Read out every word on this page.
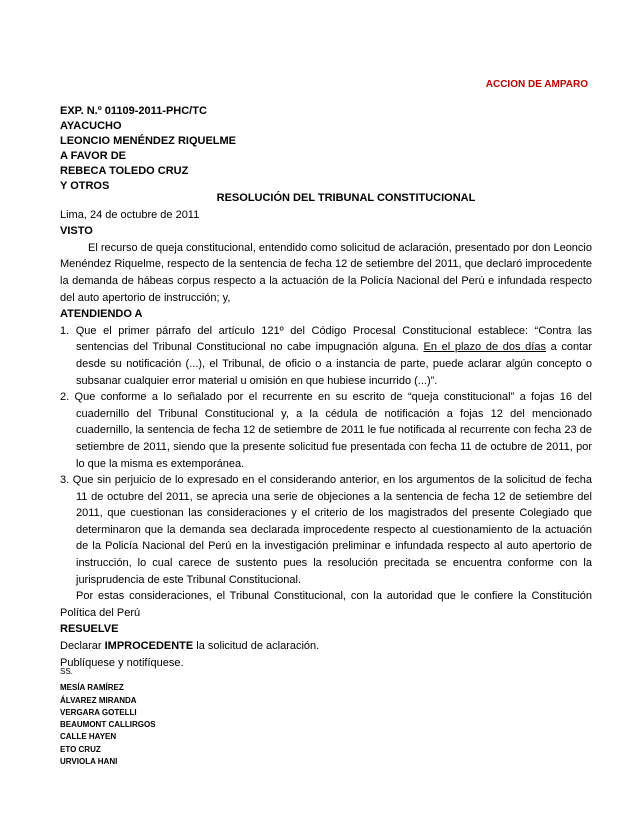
ACCION DE AMPARO
EXP. N.º 01109-2011-PHC/TC
AYACUCHO
LEONCIO MENÉNDEZ RIQUELME
A FAVOR DE
REBECA TOLEDO CRUZ
Y OTROS

RESOLUCIÓN DEL TRIBUNAL CONSTITUCIONAL

Lima, 24 de octubre de 2011

VISTO

El recurso de queja constitucional, entendido como solicitud de aclaración, presentado por don Leoncio Menéndez Riquelme, respecto de la sentencia de fecha 12 de setiembre del 2011, que declaró improcedente la demanda de hábeas corpus respecto a la actuación de la Policía Nacional del Perú e infundada respecto del auto apertorio de instrucción; y,

ATENDIENDO A

1. Que el primer párrafo del artículo 121º del Código Procesal Constitucional establece: “Contra las sentencias del Tribunal Constitucional no cabe impugnación alguna. En el plazo de dos días a contar desde su notificación (...), el Tribunal, de oficio o a instancia de parte, puede aclarar algún concepto o subsanar cualquier error material u omisión en que hubiese incurrido (...)”.

2. Que conforme a lo señalado por el recurrente en su escrito de “queja constitucional” a fojas 16 del cuadernillo del Tribunal Constitucional y, a la cédula de notificación a fojas 12 del mencionado cuadernillo, la sentencia de fecha 12 de setiembre de 2011 le fue notificada al recurrente con fecha 23 de setiembre de 2011, siendo que la presente solicitud fue presentada con fecha 11 de octubre de 2011, por lo que la misma es extemporánea.

3. Que sin perjuicio de lo expresado en el considerando anterior, en los argumentos de la solicitud de fecha 11 de octubre del 2011, se aprecia una serie de objeciones a la sentencia de fecha 12 de setiembre del 2011, que cuestionan las consideraciones y el criterio de los magistrados del presente Colegiado que determinaron que la demanda sea declarada improcedente respecto al cuestionamiento de la actuación de la Policía Nacional del Perú en la investigación preliminar e infundada respecto al auto apertorio de instrucción, lo cual carece de sustento pues la resolución precitada se encuentra conforme con la jurisprudencia de este Tribunal Constitucional.

Por estas consideraciones, el Tribunal Constitucional, con la autoridad que le confiere la Constitución Política del Perú

RESUELVE

Declarar IMPROCEDENTE la solicitud de aclaración.

Publíquese y notifíquese.

SS.
MESÍA RAMÍREZ
ÁLVAREZ MIRANDA
VERGARA GOTELLI
BEAUMONT CALLIRGOS
CALLE HAYEN
ETO CRUZ
URVIOLA HANI
